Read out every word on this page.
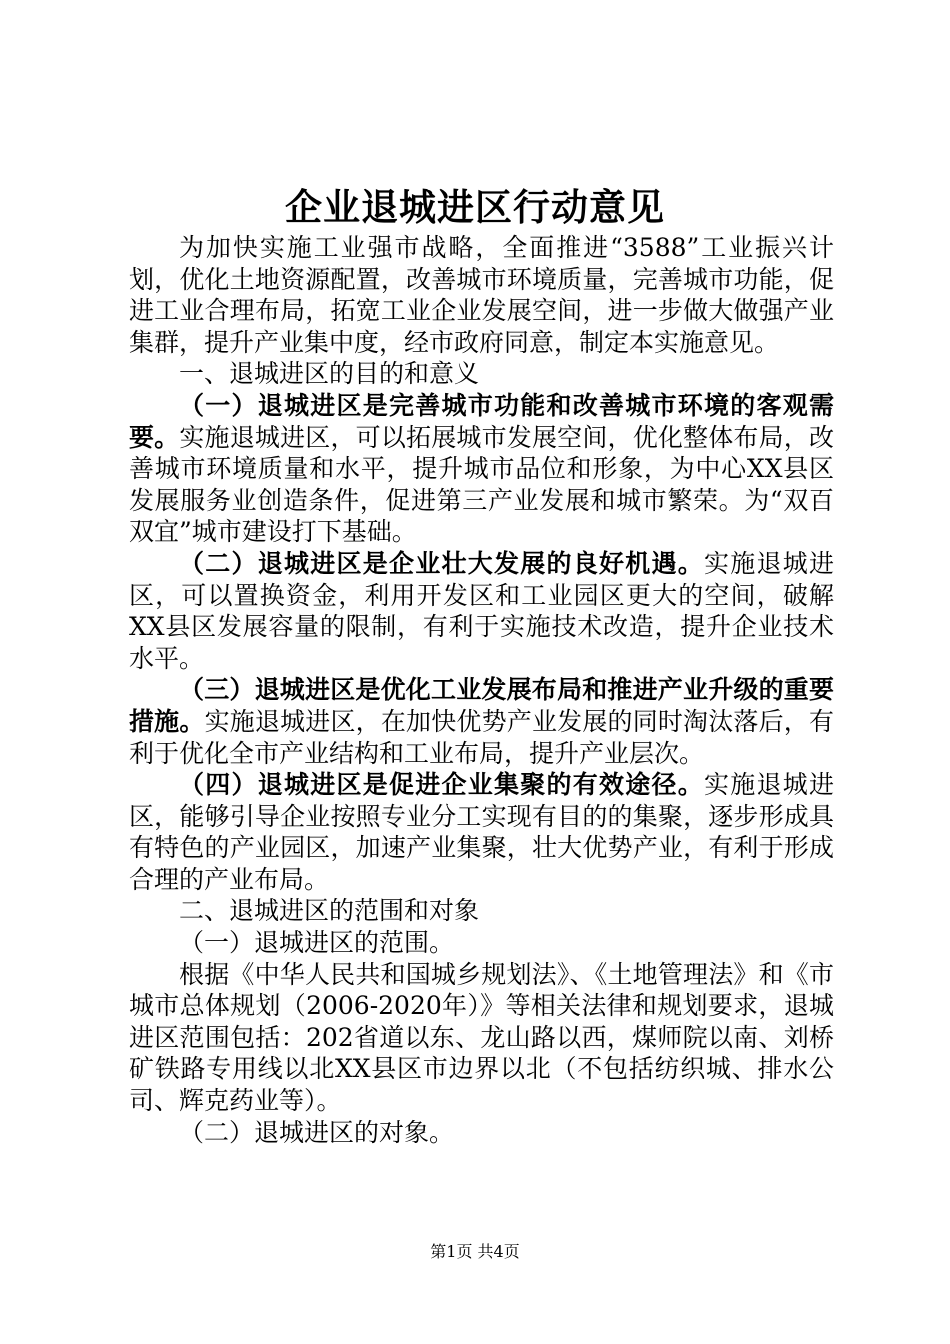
企业退城进区行动意见

为加快实施工业强市战略，全面推进“3588”工业振兴计划，优化土地资源配置，改善城市环境质量，完善城市功能，促进工业合理布局，拓宽工业企业发展空间，进一步做大做强产业集群，提升产业集中度，经市政府同意，制定本实施意见。

一、退城进区的目的和意义

（一）退城进区是完善城市功能和改善城市环境的客观需要。实施退城进区，可以拓展城市发展空间，优化整体布局，改善城市环境质量和水平，提升城市品位和形象，为中心XX县区发展服务业创造条件，促进第三产业发展和城市繁荣。为“双百双宜”城市建设打下基础。

（二）退城进区是企业壮大发展的良好机遇。实施退城进区，可以置换资金，利用开发区和工业园区更大的空间，破解XX县区发展容量的限制，有利于实施技术改造，提升企业技术水平。

（三）退城进区是优化工业发展布局和推进产业升级的重要措施。实施退城进区，在加快优势产业发展的同时淘汰落后，有利于优化全市产业结构和工业布局，提升产业层次。

（四）退城进区是促进企业集聚的有效途径。实施退城进区，能够引导企业按照专业分工实现有目的的集聚，逐步形成具有特色的产业园区，加速产业集聚，壮大优势产业，有利于形成合理的产业布局。

二、退城进区的范围和对象

（一）退城进区的范围。

根据《中华人民共和国城乡规划法》、《土地管理法》和《市城市总体规划（2006-2020年）》等相关法律和规划要求，退城进区范围包括：202省道以东、龙山路以西，煤师院以南、刘桥矿铁路专用线以北XX县区市边界以北（不包括纺织城、排水公司、辉克药业等）。

（二）退城进区的对象。

第1页 共4页
